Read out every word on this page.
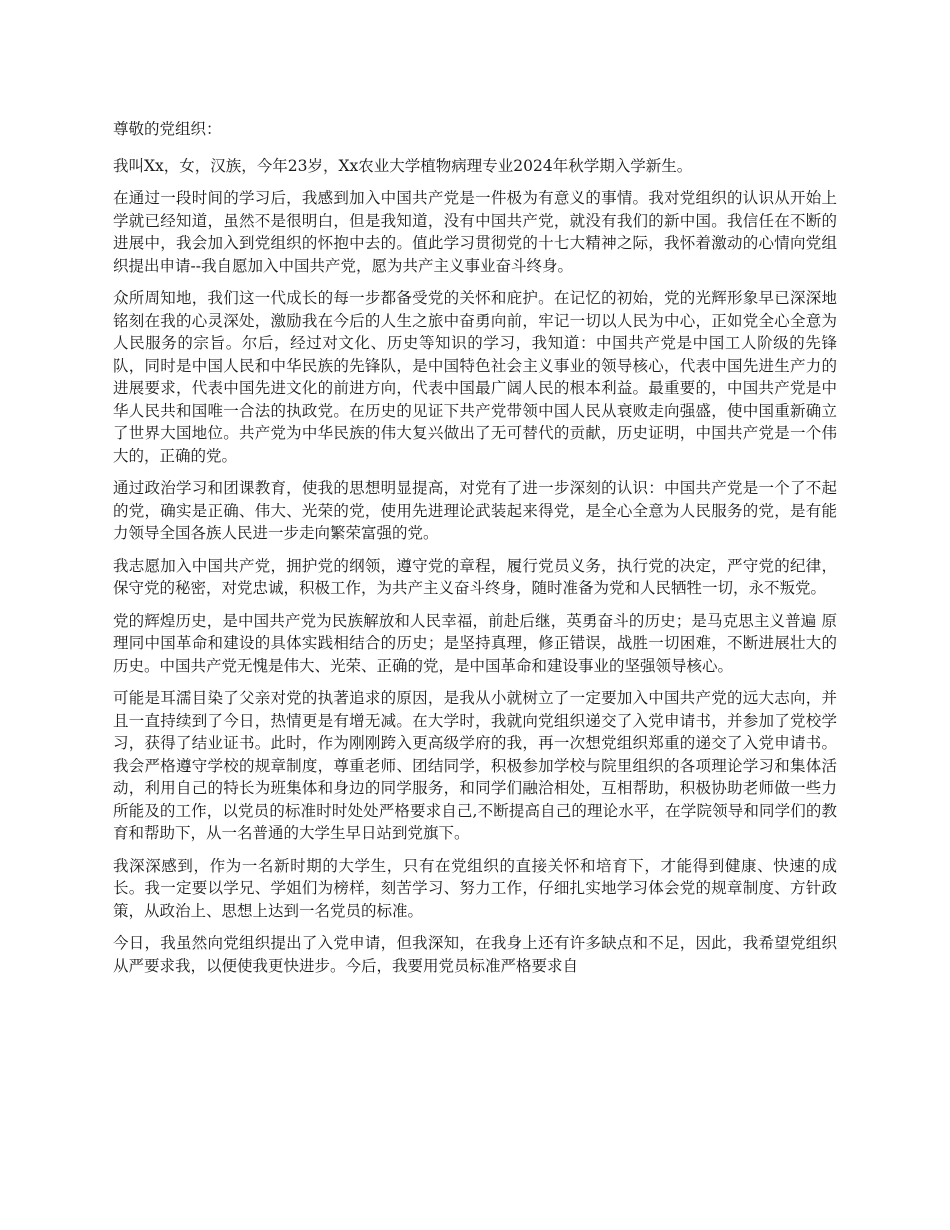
尊敬的党组织：

我叫Xx，女，汉族，今年23岁，Xx农业大学植物病理专业2024年秋学期入学新生。

在通过一段时间的学习后，我感到加入中国共产党是一件极为有意义的事情。我对党组织的认识从开始上学就已经知道，虽然不是很明白，但是我知道，没有中国共产党，就没有我们的新中国。我信任在不断的进展中，我会加入到党组织的怀抱中去的。值此学习贯彻党的十七大精神之际，我怀着激动的心情向党组织提出申请--我自愿加入中国共产党，愿为共产主义事业奋斗终身。

众所周知地，我们这一代成长的每一步都备受党的关怀和庇护。在记忆的初始，党的光辉形象早已深深地铭刻在我的心灵深处，激励我在今后的人生之旅中奋勇向前，牢记一切以人民为中心，正如党全心全意为人民服务的宗旨。尔后，经过对文化、历史等知识的学习，我知道：中国共产党是中国工人阶级的先锋队，同时是中国人民和中华民族的先锋队，是中国特色社会主义事业的领导核心，代表中国先进生产力的进展要求，代表中国先进文化的前进方向，代表中国最广阔人民的根本利益。最重要的，中国共产党是中华人民共和国唯一合法的执政党。在历史的见证下共产党带领中国人民从衰败走向强盛，使中国重新确立了世界大国地位。共产党为中华民族的伟大复兴做出了无可替代的贡献，历史证明，中国共产党是一个伟大的，正确的党。

通过政治学习和团课教育，使我的思想明显提高，对党有了进一步深刻的认识：中国共产党是一个了不起的党，确实是正确、伟大、光荣的党，使用先进理论武装起来得党，是全心全意为人民服务的党，是有能力领导全国各族人民进一步走向繁荣富强的党。

我志愿加入中国共产党，拥护党的纲领，遵守党的章程，履行党员义务，执行党的决定，严守党的纪律，保守党的秘密，对党忠诚，积极工作，为共产主义奋斗终身，随时准备为党和人民牺牲一切，永不叛党。

党的辉煌历史，是中国共产党为民族解放和人民幸福，前赴后继，英勇奋斗的历史；是马克思主义普遍 原理同中国革命和建设的具体实践相结合的历史；是坚持真理，修正错误，战胜一切困难，不断进展壮大的历史。中国共产党无愧是伟大、光荣、正确的党，是中国革命和建设事业的坚强领导核心。

可能是耳濡目染了父亲对党的执著追求的原因，是我从小就树立了一定要加入中国共产党的远大志向，并且一直持续到了今日，热情更是有增无减。在大学时，我就向党组织递交了入党申请书，并参加了党校学习，获得了结业证书。此时，作为刚刚跨入更高级学府的我，再一次想党组织郑重的递交了入党申请书。我会严格遵守学校的规章制度，尊重老师、团结同学，积极参加学校与院里组织的各项理论学习和集体活动，利用自己的特长为班集体和身边的同学服务，和同学们融洽相处，互相帮助，积极协助老师做一些力所能及的工作，以党员的标准时时处处严格要求自己,不断提高自己的理论水平，在学院领导和同学们的教育和帮助下，从一名普通的大学生早日站到党旗下。

我深深感到，作为一名新时期的大学生，只有在党组织的直接关怀和培育下，才能得到健康、快速的成长。我一定要以学兄、学姐们为榜样，刻苦学习、努力工作，仔细扎实地学习体会党的规章制度、方针政策，从政治上、思想上达到一名党员的标准。

今日，我虽然向党组织提出了入党申请，但我深知，在我身上还有许多缺点和不足，因此，我希望党组织从严要求我，以便使我更快进步。今后，我要用党员标准严格要求自
